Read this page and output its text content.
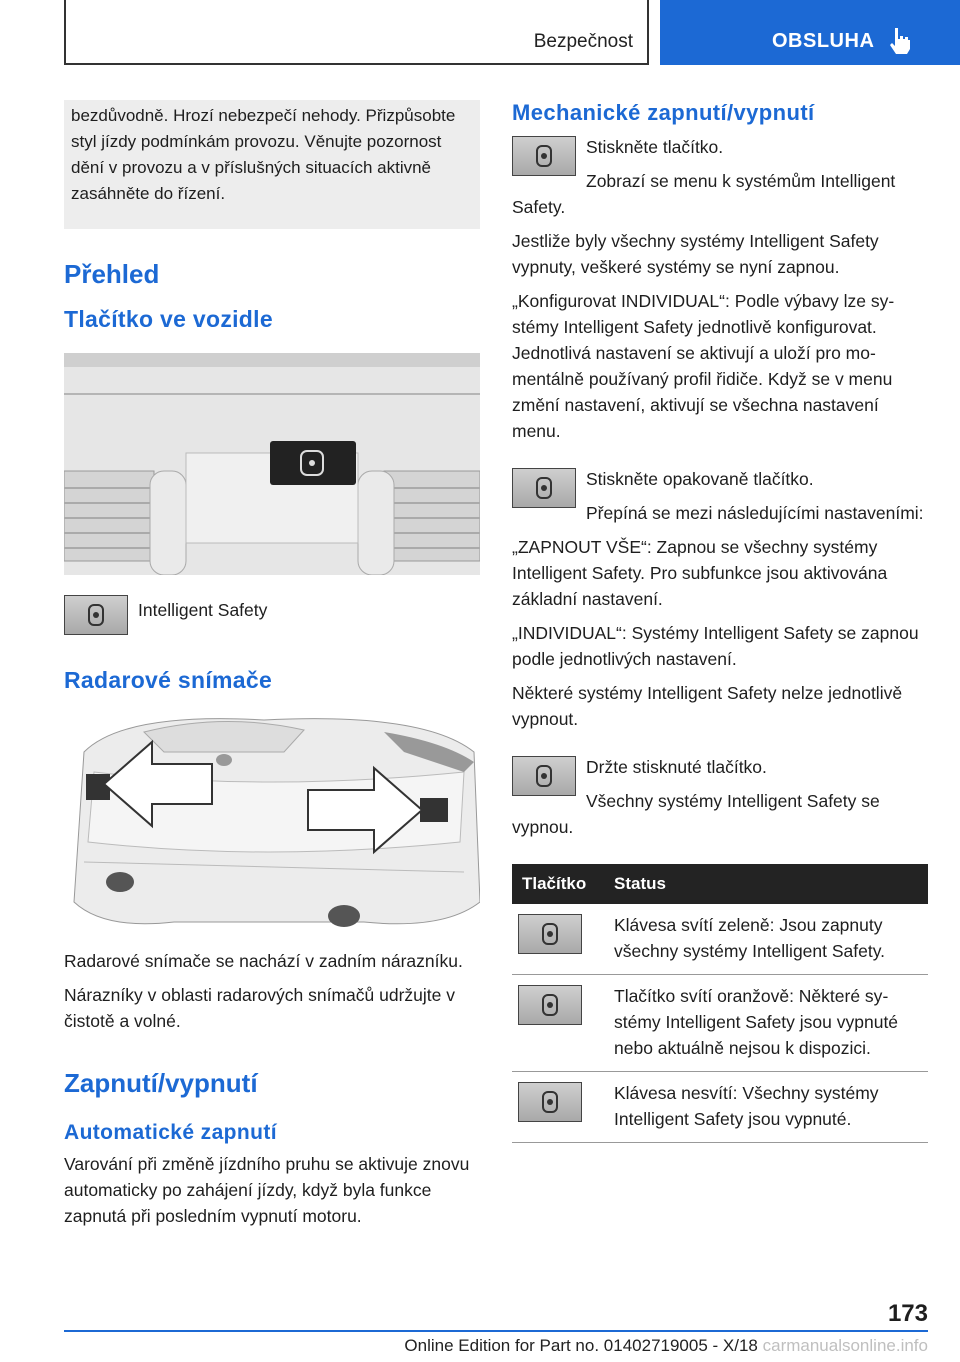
Bezpečnost	OBSLUHA
bezdůvodně. Hrozí nebezpečí nehody. Přizpůsobte styl jízdy podmínkám provozu. Věnujte pozornost dění v provozu a v příslušných situacích aktivně zasáhněte do řízení.
Přehled
Tlačítko ve vozidle

Intelligent Safety

Radarové snímače

Radarové snímače se nachází v zadním nárazníku.

Nárazníky v oblasti radarových snímačů udržujte v čistotě a volné.

Zapnutí/vypnutí
Automatické zapnutí

Varování při změně jízdního pruhu se aktivuje znovu automaticky po zahájení jízdy, když byla funkce zapnutá při posledním vypnutí motoru.

Mechanické zapnutí/vypnutí

Stiskněte tlačítko.

Zobrazí se menu k systémům Intelligent Safety.

Jestliže byly všechny systémy Intelligent Safety vypnuty, veškeré systémy se nyní zapnou.

„Konfigurovat INDIVIDUAL“: Podle výbavy lze systémy Intelligent Safety jednotlivě konfigurovat. Jednotlivá nastavení se aktivují a uloží pro momentálně používaný profil řidiče. Když se v menu změní nastavení, aktivují se všechna nastavení menu.

Stiskněte opakovaně tlačítko.

Přepíná se mezi následujícími nastaveními:

„ZAPNOUT VŠE“: Zapnou se všechny systémy Intelligent Safety. Pro subfunkce jsou aktivována základní nastavení.

„INDIVIDUAL“: Systémy Intelligent Safety se zapnou podle jednotlivých nastavení.

Některé systémy Intelligent Safety nelze jednotlivě vypnout.

Držte stisknuté tlačítko.

Všechny systémy Intelligent Safety se vypnou.

Tlačítko	Status

	Klávesa svítí zeleně: Jsou zapnuty všechny systémy Intelligent Safety.

	Tlačítko svítí oranžově: Některé systémy Intelligent Safety jsou vypnuté nebo aktuálně nejsou k dispozici.

	Klávesa nesvítí: Všechny systémy Intelligent Safety jsou vypnuté.
173
Online Edition for Part no. 01402719005 - X/18 carmanualsonline.info
